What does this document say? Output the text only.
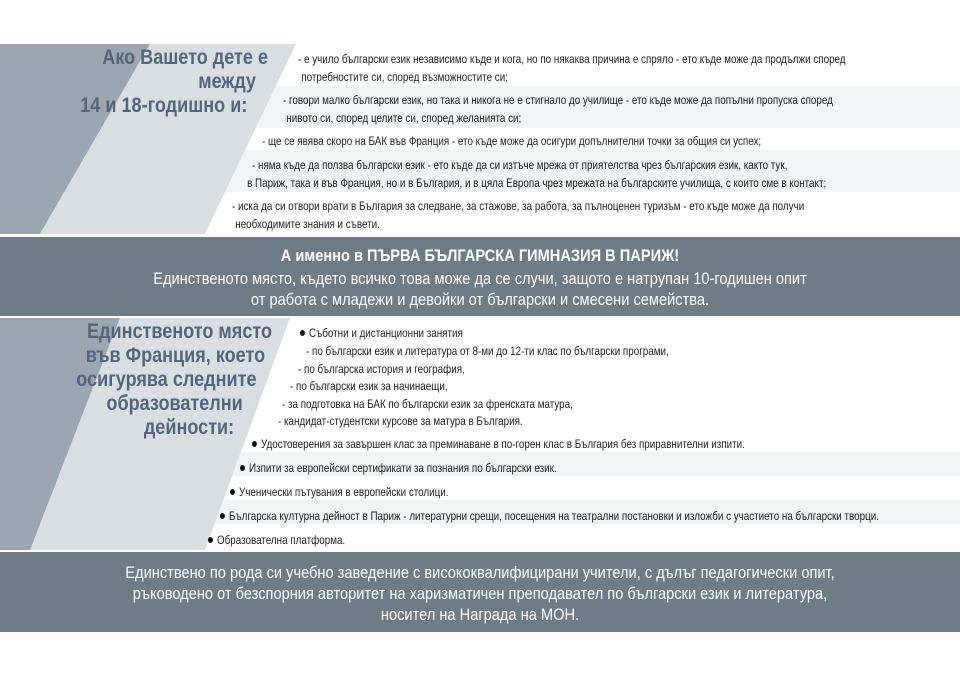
Ако Вашето дете е
между
14 и 18-годишно и:
- е учило български език независимо къде и кога, но по някаква причина е спряло - ето къде може да продължи според
потребностите си, според възможностите си;
- говори малко български език, но така и никога не е стигнало до училище - ето къде може да попълни пропуска според
нивото си, според целите си, според желанията си;
- ще се явява скоро на БАК във Франция - ето къде може да осигури допълнителни точки за общия си успех;
- няма къде да ползва български език - ето къде да си изтъче мрежа от приятелства чрез българския език, както тук,
в Париж, така и във Франция, но и в България, и в цяла Европа чрез мрежата на българските училища, с които сме в контакт;
- иска да си отвори врати в България за следване, за стажове, за работа, за пълноценен туризъм - ето къде може да получи
необходимите знания и съвети.
А именно в ПЪРВА БЪЛГАРСКА ГИМНАЗИЯ В ПАРИЖ!
Единственото място, където всичко това може да се случи, защото е натрупан 10-годишен опит
от работа с младежи и девойки от български и смесени семейства.
Единственото място
във Франция, което
осигурява следните
образователни
дейности:
Съботни и дистанционни занятия
- по български език и литература от 8-ми до 12-ти клас по български програми,
- по българска история и география,
- по български език за начинаещи,
- за подготовка на БАК по български език за френската матура,
- кандидат-студентски курсове за матура в България.
Удостоверения за завършен клас за преминаване в по-горен клас в България без приравнителни изпити.
Изпити за европейски сертификати за познания по български език.
Ученически пътувания в европейски столици.
Българска културна дейност в Париж - литературни срещи, посещения на театрални постановки и изложби с участието на български творци.
Образователна платформа.
Единствено по рода си учебно заведение с висококвалифицирани учители, с дълъг педагогически опит,
ръководено от безспорния авторитет на харизматичен преподавател по български език и литература,
носител на Награда на МОН.
